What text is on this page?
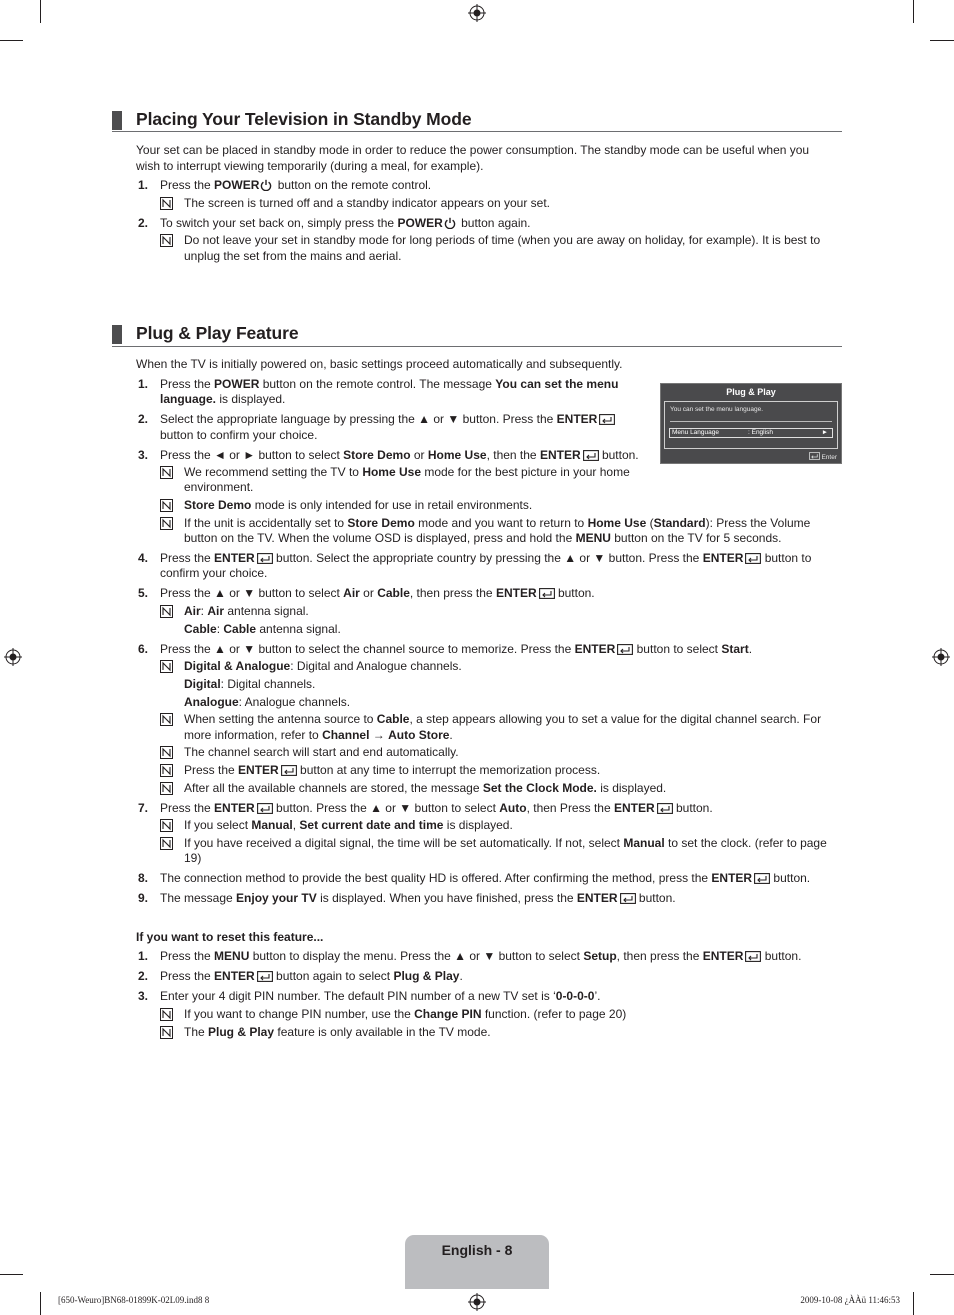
Placing Your Television in Standby Mode
Your set can be placed in standby mode in order to reduce the power consumption. The standby mode can be useful when you wish to interrupt viewing temporarily (during a meal, for example).
1. Press the POWER button on the remote control.
The screen is turned off and a standby indicator appears on your set.
2. To switch your set back on, simply press the POWER button again.
Do not leave your set in standby mode for long periods of time (when you are away on holiday, for example). It is best to unplug the set from the mains and aerial.
Plug & Play Feature
When the TV is initially powered on, basic settings proceed automatically and subsequently.
Plug & Play
You can set the menu language.
Menu Language	: English	►
Enter
1. Press the POWER button on the remote control. The message You can set the menu
language. is displayed.
2. Select the appropriate language by pressing the ▲ or ▼ button. Press the ENTER
button to confirm your choice.
3. Press the ◄ or ► button to select Store Demo or Home Use, then the ENTER button.
We recommend setting the TV to Home Use mode for the best picture in your home
environment.
Store Demo mode is only intended for use in retail environments.
If the unit is accidentally set to Store Demo mode and you want to return to Home Use (Standard): Press the Volume
button on the TV. When the volume OSD is displayed, press and hold the MENU button on the TV for 5 seconds.
4. Press the ENTER button. Select the appropriate country by pressing the ▲ or ▼ button. Press the ENTER button to
confirm your choice.
5. Press the ▲ or ▼ button to select Air or Cable, then press the ENTER button.
Air: Air antenna signal.
Cable: Cable antenna signal.
6. Press the ▲ or ▼ button to select the channel source to memorize. Press the ENTER button to select Start.
Digital & Analogue: Digital and Analogue channels.
Digital: Digital channels.
Analogue: Analogue channels.
When setting the antenna source to Cable, a step appears allowing you to set a value for the digital channel search. For
more information, refer to Channel → Auto Store.
The channel search will start and end automatically.
Press the ENTER button at any time to interrupt the memorization process.
After all the available channels are stored, the message Set the Clock Mode. is displayed.
7. Press the ENTER button. Press the ▲ or ▼ button to select Auto, then Press the ENTER button.
If you select Manual, Set current date and time is displayed.
If you have received a digital signal, the time will be set automatically. If not, select Manual to set the clock. (refer to page
19)
8. The connection method to provide the best quality HD is offered. After confirming the method, press the ENTER button.
9. The message Enjoy your TV is displayed. When you have finished, press the ENTER button.
If you want to reset this feature...
1. Press the MENU button to display the menu. Press the ▲ or ▼ button to select Setup, then press the ENTER button.
2. Press the ENTER button again to select Plug & Play.
3. Enter your 4 digit PIN number. The default PIN number of a new TV set is ‘0-0-0-0’.
If you want to change PIN number, use the Change PIN function. (refer to page 20)
The Plug & Play feature is only available in the TV mode.
English - 8
[650-Weuro]BN68-01899K-02L09.ind8 8	2009-10-08 ¿ÀÀü 11:46:53
